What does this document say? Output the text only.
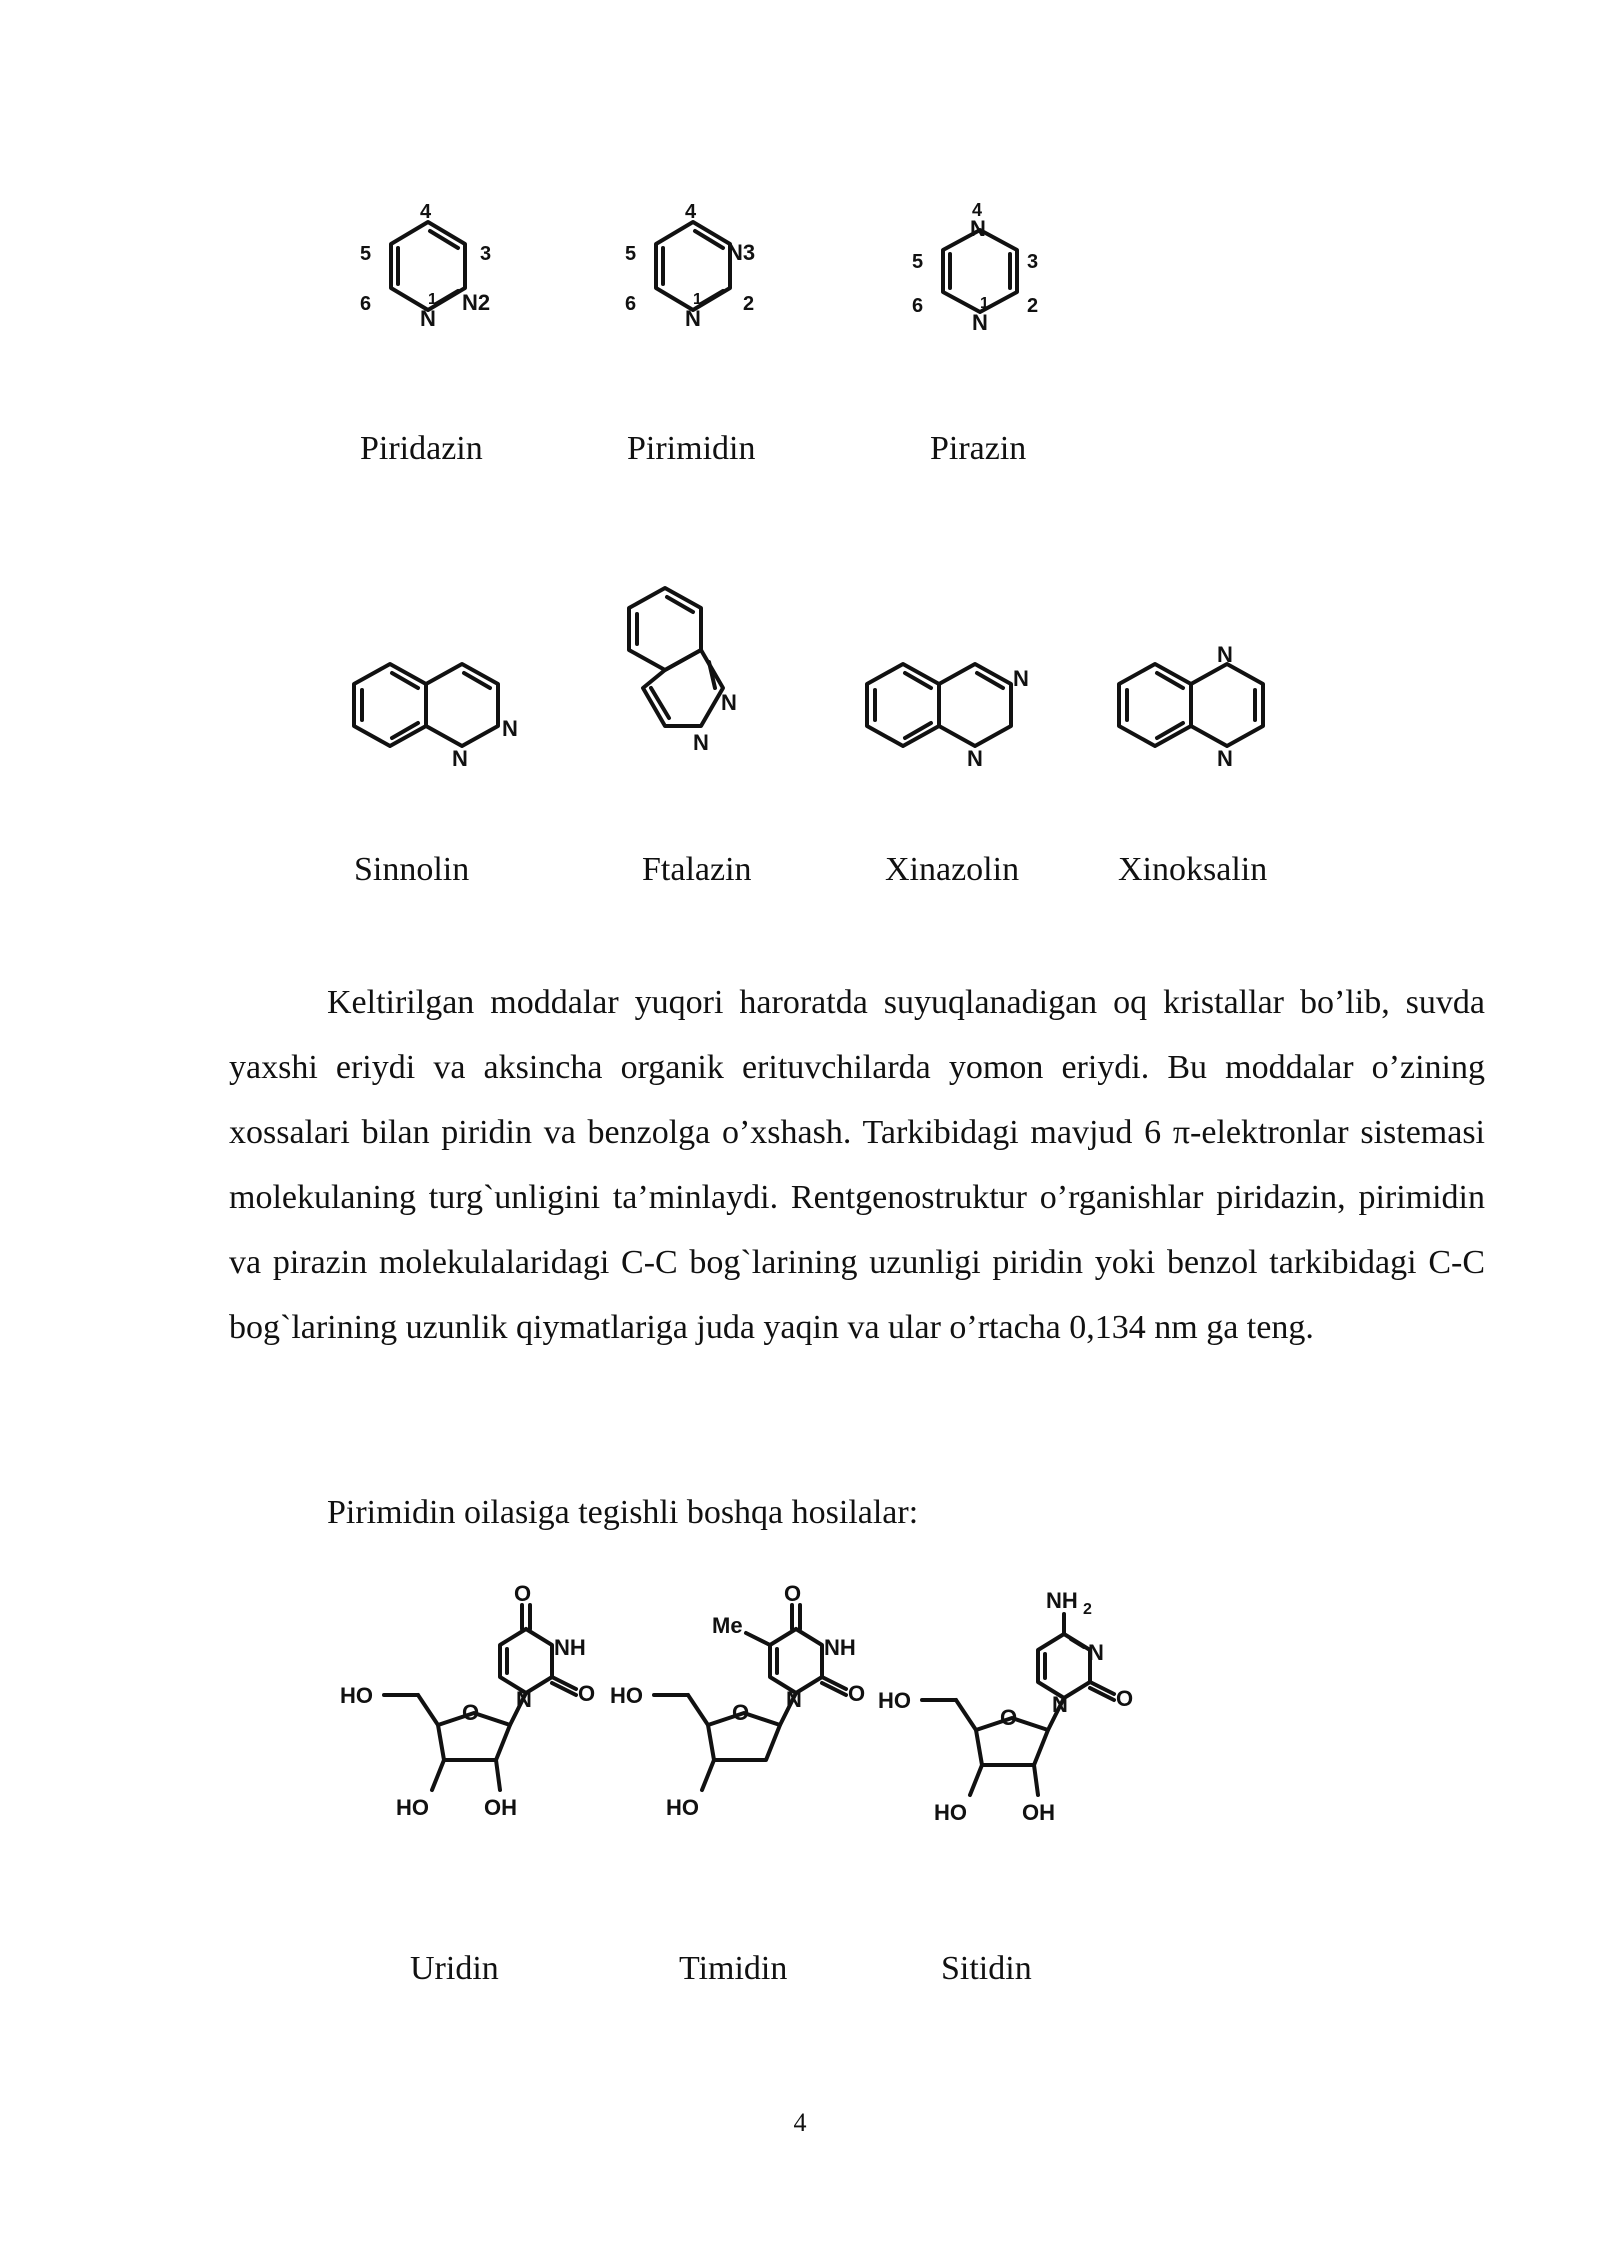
4
5
6
3
N
1 N2
4
5
6
N3
2
N
1
4
N
5
6
3
2
N
1
Piridazin	Pirimidin	Pirazin
N
N
N
N
N
N
N
N
Sinnolin	Ftalazin	Xinazolin	Xinoksalin

Keltirilgan moddalar yuqori haroratda suyuqlanadigan oq kristallar bo’lib, suvda yaxshi eriydi va aksincha organik erituvchilarda yomon eriydi. Bu moddalar o’zining xossalari bilan piridin va benzolga o’xshash. Tarkibidagi mavjud 6 π-elektronlar sistemasi molekulaning turg`unligini ta’minlaydi. Rentgenostruktur o’rganishlar piridazin, pirimidin va pirazin molekulalaridagi C-C bog`larining uzunligi piridin yoki benzol tarkibidagi C-C bog`larining uzunlik qiymatlariga juda yaqin va ular o’rtacha 0,134 nm ga teng.

Pirimidin oilasiga tegishli boshqa hosilalar:

O
NH
N O
O
HO
HO	OH
O
Me
NH
N O
O
HO
HO
NH 2
N
N O
O
HO
HO	OH
Uridin	Timidin	Sitidin
4
